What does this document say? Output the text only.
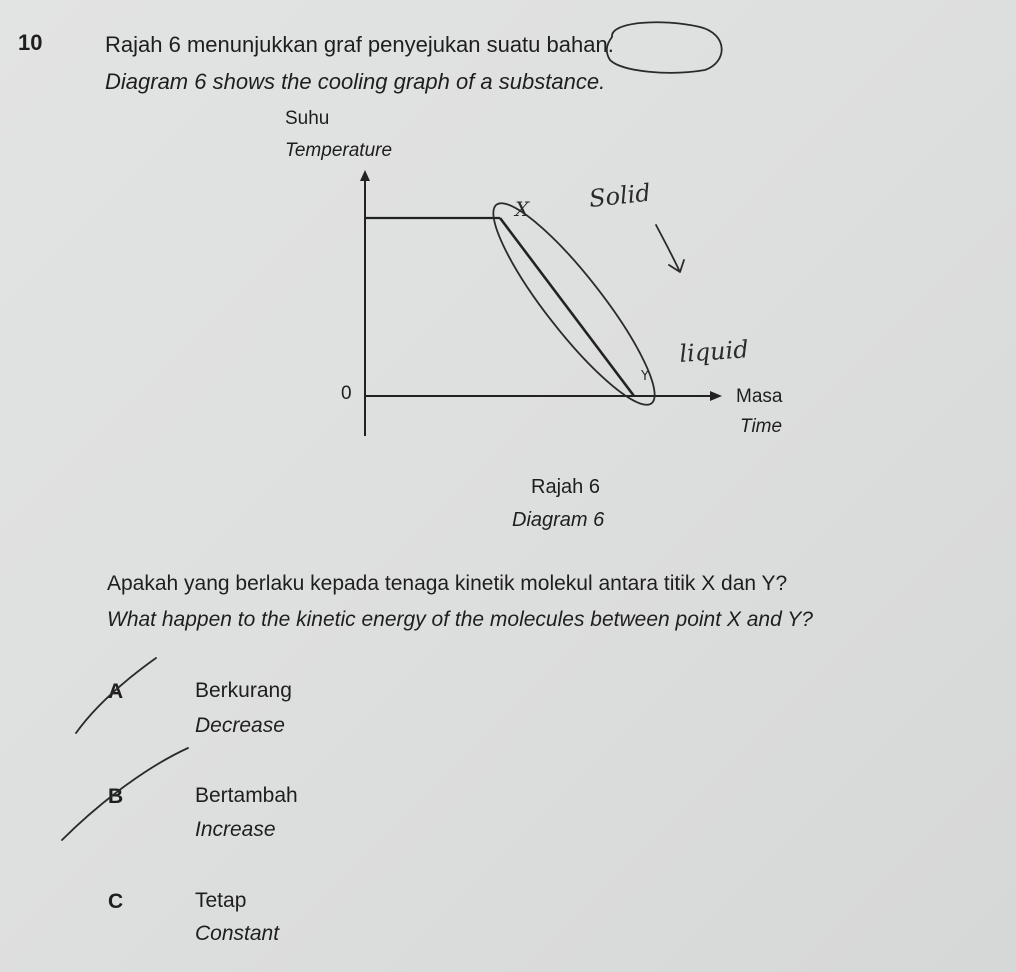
10	Rajah 6 menunjukkan graf penyejukan suatu bahan.
Diagram 6 shows the cooling graph of a substance.
Suhu
Temperature
0	Masa
Time
Rajah 6
Diagram 6
Apakah yang berlaku kepada tenaga kinetik molekul antara titik X dan Y?
What happen to the kinetic energy of the molecules between point X and Y?
A	Berkurang
Decrease
B	Bertambah
Increase
C	Tetap
Constant
Solid
liquid
X
Y
